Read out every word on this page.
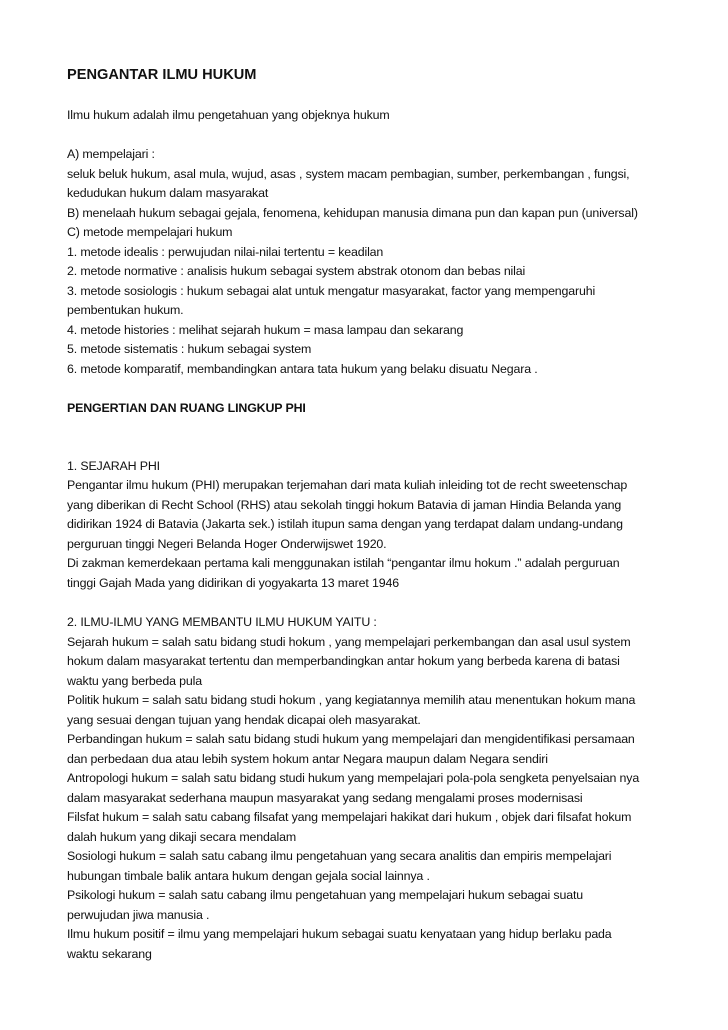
PENGANTAR ILMU HUKUM
Ilmu hukum adalah ilmu pengetahuan yang objeknya hukum
A) mempelajari :
seluk beluk hukum, asal mula, wujud, asas , system macam pembagian, sumber, perkembangan , fungsi,
kedudukan hukum dalam masyarakat
B) menelaah hukum sebagai gejala, fenomena, kehidupan manusia dimana pun dan kapan pun (universal)
C) metode mempelajari hukum
1. metode idealis : perwujudan nilai-nilai tertentu = keadilan
2. metode normative : analisis hukum sebagai system abstrak otonom dan bebas nilai
3. metode sosiologis : hukum sebagai alat untuk mengatur masyarakat, factor yang mempengaruhi
pembentukan hukum.
4. metode histories : melihat sejarah hukum = masa lampau dan sekarang
5. metode sistematis : hukum sebagai system
6. metode komparatif, membandingkan antara tata hukum yang belaku disuatu Negara .
PENGERTIAN DAN RUANG LINGKUP PHI
1. SEJARAH PHI
Pengantar ilmu hukum (PHI) merupakan terjemahan dari mata kuliah inleiding tot de recht sweetenschap
yang diberikan di Recht School (RHS) atau sekolah tinggi hokum Batavia di jaman Hindia Belanda yang
didirikan 1924 di Batavia (Jakarta sek.) istilah itupun sama dengan yang terdapat dalam undang-undang
perguruan tinggi Negeri Belanda Hoger Onderwijswet 1920.
Di zakman kemerdekaan pertama kali menggunakan istilah “pengantar ilmu hokum .” adalah perguruan
tinggi Gajah Mada yang didirikan di yogyakarta 13 maret 1946
2. ILMU-ILMU YANG MEMBANTU ILMU HUKUM YAITU :
Sejarah hukum = salah satu bidang studi hokum , yang mempelajari perkembangan dan asal usul system
hokum dalam masyarakat tertentu dan memperbandingkan antar hokum yang berbeda karena di batasi
waktu yang berbeda pula
Politik hukum = salah satu bidang studi hokum , yang kegiatannya memilih atau menentukan hokum mana
yang sesuai dengan tujuan yang hendak dicapai oleh masyarakat.
Perbandingan hukum = salah satu bidang studi hukum yang mempelajari dan mengidentifikasi persamaan
dan perbedaan dua atau lebih system hokum antar Negara maupun dalam Negara sendiri
Antropologi hukum = salah satu bidang studi hukum yang mempelajari pola-pola sengketa penyelsaian nya
dalam masyarakat sederhana maupun masyarakat yang sedang mengalami proses modernisasi
Filsfat hukum = salah satu cabang filsafat yang mempelajari hakikat dari hukum , objek dari filsafat hokum
dalah hukum yang dikaji secara mendalam
Sosiologi hukum = salah satu cabang ilmu pengetahuan yang secara analitis dan empiris mempelajari
hubungan timbale balik antara hukum dengan gejala social lainnya .
Psikologi hukum = salah satu cabang ilmu pengetahuan yang mempelajari hukum sebagai suatu
perwujudan jiwa manusia .
Ilmu hukum positif = ilmu yang mempelajari hukum sebagai suatu kenyataan yang hidup berlaku pada
waktu sekarang
